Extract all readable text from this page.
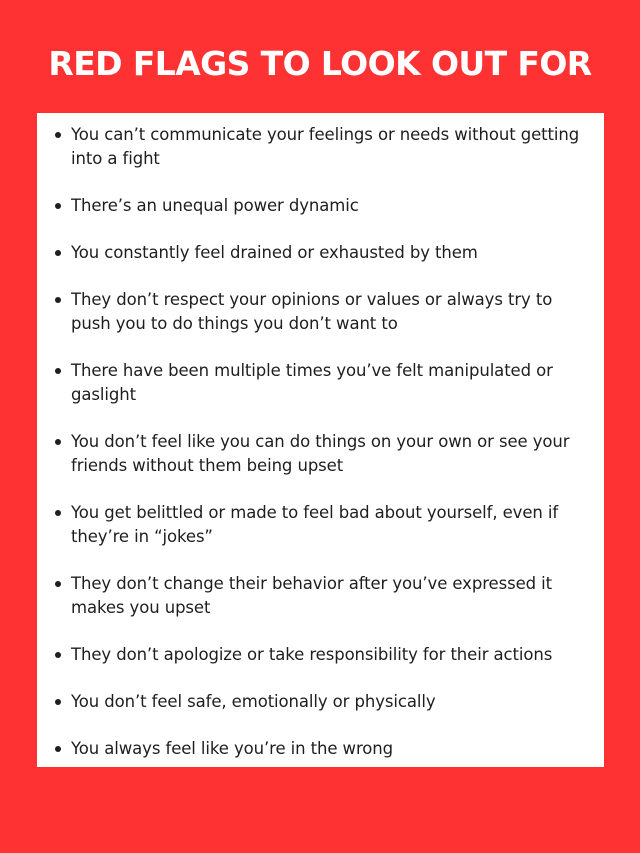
RED FLAGS TO LOOK OUT FOR
You can’t communicate your feelings or needs without getting into a fight
There’s an unequal power dynamic
You constantly feel drained or exhausted by them
They don’t respect your opinions or values or always try to push you to do things you don’t want to
There have been multiple times you’ve felt manipulated or gaslight
You don’t feel like you can do things on your own or see your friends without them being upset
You get belittled or made to feel bad about yourself, even if they’re in “jokes”
They don’t change their behavior after you’ve expressed it makes you upset
They don’t apologize or take responsibility for their actions
You don’t feel safe, emotionally or physically
You always feel like you’re in the wrong
